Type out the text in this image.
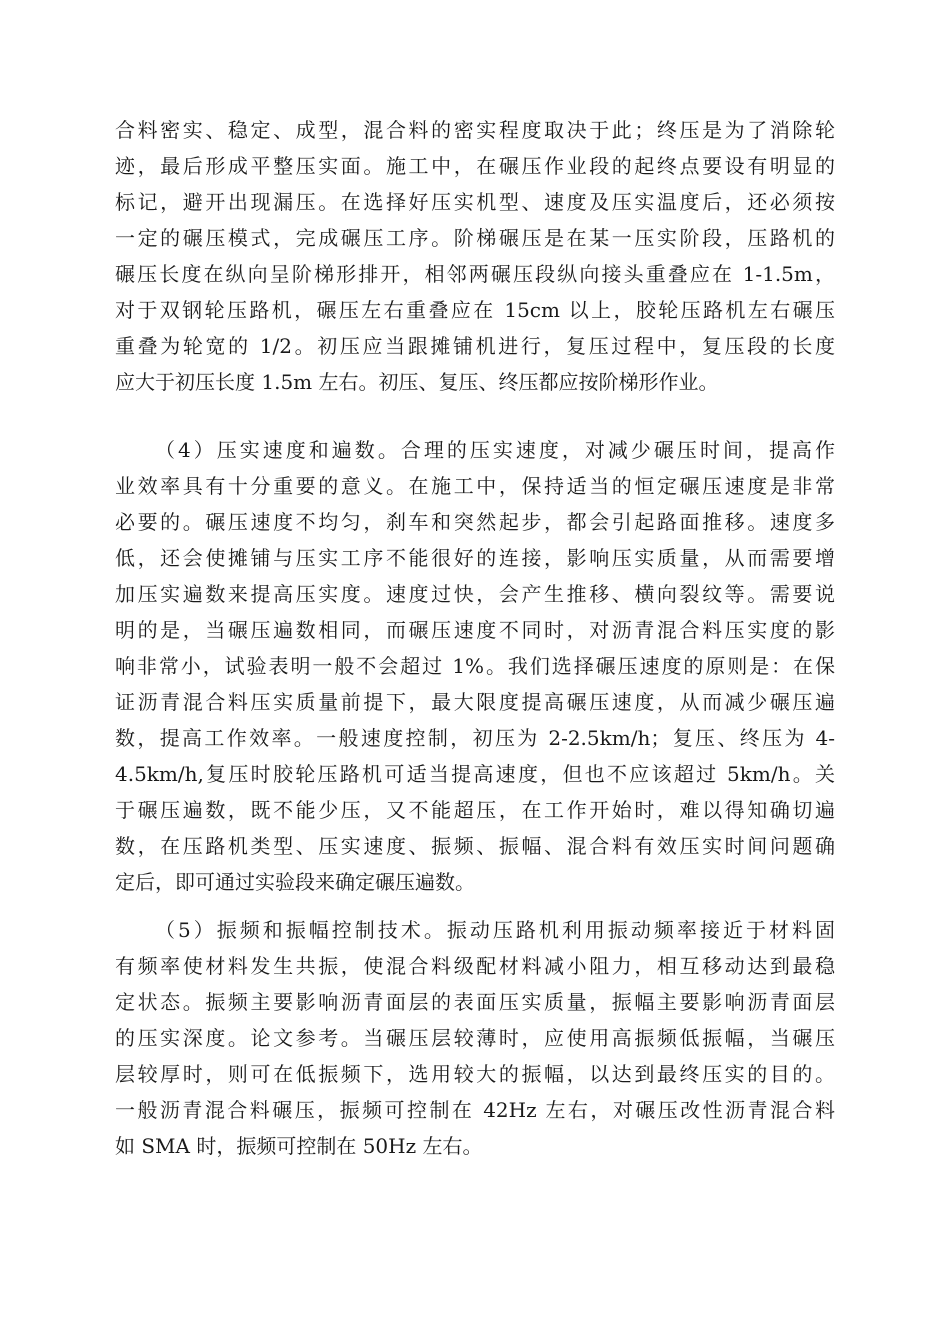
合料密实、稳定、成型，混合料的密实程度取决于此；终压是为了消除轮
迹，最后形成平整压实面。施工中，在碾压作业段的起终点要设有明显的
标记，避开出现漏压。在选择好压实机型、速度及压实温度后，还必须按
一定的碾压模式，完成碾压工序。阶梯碾压是在某一压实阶段，压路机的
碾压长度在纵向呈阶梯形排开，相邻两碾压段纵向接头重叠应在 1-1.5m，
对于双钢轮压路机，碾压左右重叠应在 15cm 以上，胶轮压路机左右碾压
重叠为轮宽的 1/2。初压应当跟摊铺机进行，复压过程中，复压段的长度
应大于初压长度 1.5m 左右。初压、复压、终压都应按阶梯形作业。
（4）压实速度和遍数。合理的压实速度，对减少碾压时间，提高作
业效率具有十分重要的意义。在施工中，保持适当的恒定碾压速度是非常
必要的。碾压速度不均匀，刹车和突然起步，都会引起路面推移。速度多
低，还会使摊铺与压实工序不能很好的连接，影响压实质量，从而需要增
加压实遍数来提高压实度。速度过快，会产生推移、横向裂纹等。需要说
明的是，当碾压遍数相同，而碾压速度不同时，对沥青混合料压实度的影
响非常小，试验表明一般不会超过 1%。我们选择碾压速度的原则是：在保
证沥青混合料压实质量前提下，最大限度提高碾压速度，从而减少碾压遍
数，提高工作效率。一般速度控制，初压为 2-2.5km/h；复压、终压为 4-
4.5km/h,复压时胶轮压路机可适当提高速度，但也不应该超过 5km/h。关
于碾压遍数，既不能少压，又不能超压，在工作开始时，难以得知确切遍
数，在压路机类型、压实速度、振频、振幅、混合料有效压实时间问题确
定后，即可通过实验段来确定碾压遍数。
（5）振频和振幅控制技术。振动压路机利用振动频率接近于材料固
有频率使材料发生共振，使混合料级配材料减小阻力，相互移动达到最稳
定状态。振频主要影响沥青面层的表面压实质量，振幅主要影响沥青面层
的压实深度。论文参考。当碾压层较薄时，应使用高振频低振幅，当碾压
层较厚时，则可在低振频下，选用较大的振幅，以达到最终压实的目的。
一般沥青混合料碾压，振频可控制在 42Hz 左右，对碾压改性沥青混合料
如 SMA 时，振频可控制在 50Hz 左右。
